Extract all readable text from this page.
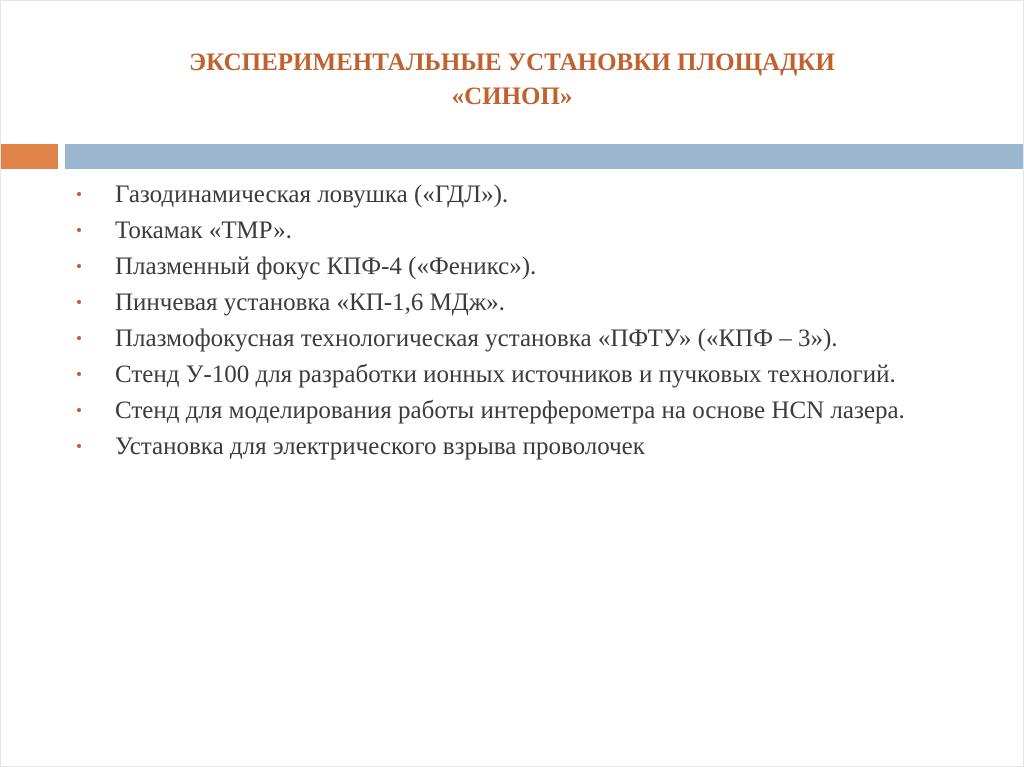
ЭКСПЕРИМЕНТАЛЬНЫЕ УСТАНОВКИ ПЛОЩАДКИ
«СИНОП»
Газодинамическая ловушка («ГДЛ»).
Токамак «ТМР».
Плазменный фокус КПФ-4 («Феникс»).
Пинчевая установка «КП-1,6 МДж».
Плазмофокусная технологическая установка «ПФТУ» («КПФ – 3»).
Стенд У-100 для разработки ионных источников и пучковых технологий.
Стенд для моделирования работы интерферометра на основе HCN лазера.
Установка для электрического взрыва проволочек
